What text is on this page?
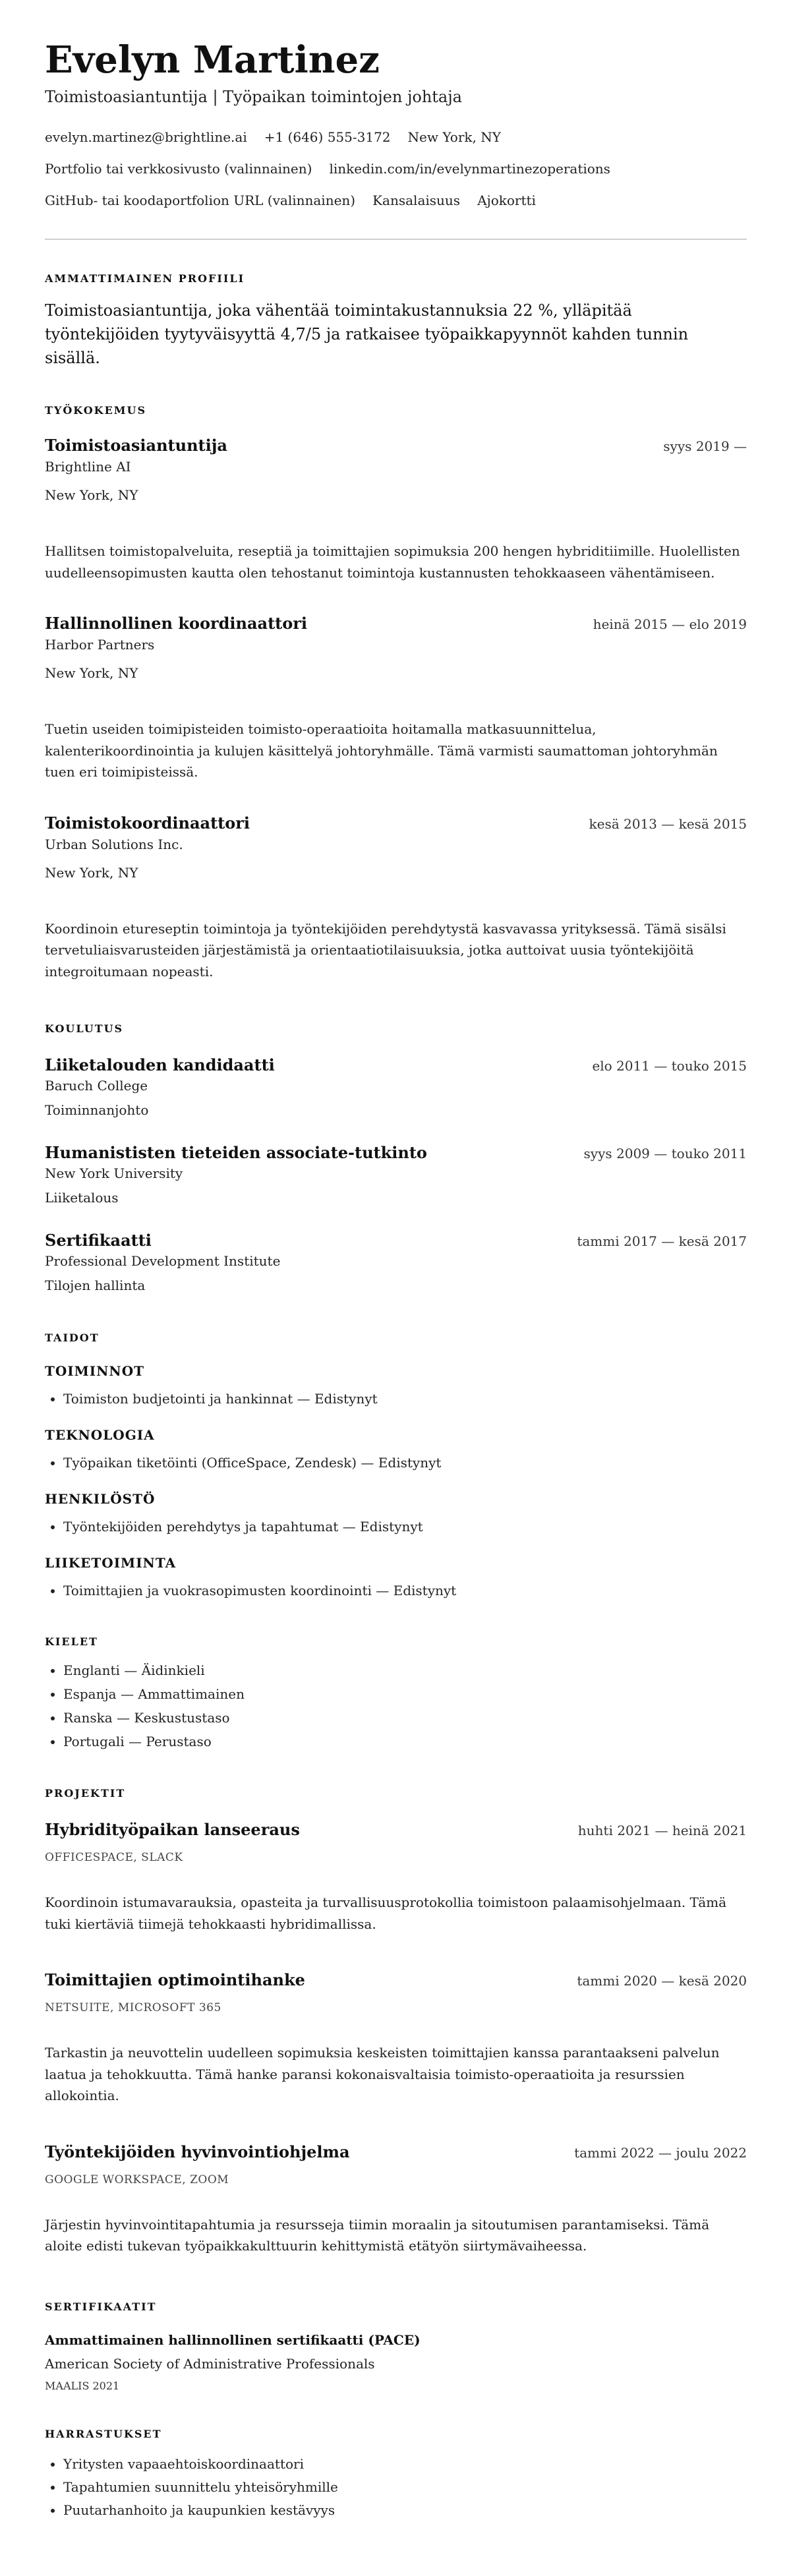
Evelyn Martinez
Toimistoasiantuntija | Työpaikan toimintojen johtaja
evelyn.martinez@brightline.ai +1 (646) 555-3172 New York, NY
Portfolio tai verkkosivusto (valinnainen) linkedin.com/in/evelynmartinezoperations
GitHub- tai koodaportfolion URL (valinnainen) Kansalaisuus Ajokortti
AMMATTIMAINEN PROFIILI
Toimistoasiantuntija, joka vähentää toimintakustannuksia 22 %, ylläpitää työntekijöiden tyytyväisyyttä 4,7/5 ja ratkaisee työpaikkapyynnöt kahden tunnin sisällä.
TYÖKOKEMUS
Toimistoasiantuntija	syys 2019 —
Brightline AI
New York, NY
Hallitsen toimistopalveluita, reseptiä ja toimittajien sopimuksia 200 hengen hybriditiimille. Huolellisten uudelleensopimusten kautta olen tehostanut toimintoja kustannusten tehokkaaseen vähentämiseen.
Hallinnollinen koordinaattori	heinä 2015 — elo 2019
Harbor Partners
New York, NY
Tuetin useiden toimipisteiden toimisto-operaatioita hoitamalla matkasuunnittelua, kalenterikoordinointia ja kulujen käsittelyä johtoryhmälle. Tämä varmisti saumattoman johtoryhmän tuen eri toimipisteissä.
Toimistokoordinaattori	kesä 2013 — kesä 2015
Urban Solutions Inc.
New York, NY
Koordinoin etureseptin toimintoja ja työntekijöiden perehdytystä kasvavassa yrityksessä. Tämä sisälsi tervetuliaisvarusteiden järjestämistä ja orientaatiotilaisuuksia, jotka auttoivat uusia työntekijöitä integroitumaan nopeasti.
KOULUTUS
Liiketalouden kandidaatti	elo 2011 — touko 2015
Baruch College
Toiminnanjohto
Humanististen tieteiden associate-tutkinto	syys 2009 — touko 2011
New York University
Liiketalous
Sertifikaatti	tammi 2017 — kesä 2017
Professional Development Institute
Tilojen hallinta
TAIDOT
TOIMINNOT
• Toimiston budjetointi ja hankinnat — Edistynyt
TEKNOLOGIA
• Työpaikan tiketöinti (OfficeSpace, Zendesk) — Edistynyt
HENKILÖSTÖ
• Työntekijöiden perehdytys ja tapahtumat — Edistynyt
LIIKETOIMINTA
• Toimittajien ja vuokrasopimusten koordinointi — Edistynyt
KIELET
• Englanti — Äidinkieli
• Espanja — Ammattimainen
• Ranska — Keskustustaso
• Portugali — Perustaso
PROJEKTIT
Hybridityöpaikan lanseeraus	huhti 2021 — heinä 2021
OFFICESPACE, SLACK
Koordinoin istumavarauksia, opasteita ja turvallisuusprotokollia toimistoon palaamisohjelmaan. Tämä tuki kiertäviä tiimejä tehokkaasti hybridimallissa.
Toimittajien optimointihanke	tammi 2020 — kesä 2020
NETSUITE, MICROSOFT 365
Tarkastin ja neuvottelin uudelleen sopimuksia keskeisten toimittajien kanssa parantaakseni palvelun laatua ja tehokkuutta. Tämä hanke paransi kokonaisvaltaisia toimisto-operaatioita ja resurssien allokointia.
Työntekijöiden hyvinvointiohjelma	tammi 2022 — joulu 2022
GOOGLE WORKSPACE, ZOOM
Järjestin hyvinvointitapahtumia ja resursseja tiimin moraalin ja sitoutumisen parantamiseksi. Tämä aloite edisti tukevan työpaikkakulttuurin kehittymistä etätyön siirtymävaiheessa.
SERTIFIKAATIT
Ammattimainen hallinnollinen sertifikaatti (PACE)
American Society of Administrative Professionals
MAALIS 2021
HARRASTUKSET
• Yritysten vapaaehtoiskoordinaattori
• Tapahtumien suunnittelu yhteisöryhmille
• Puutarhanhoito ja kaupunkien kestävyys
